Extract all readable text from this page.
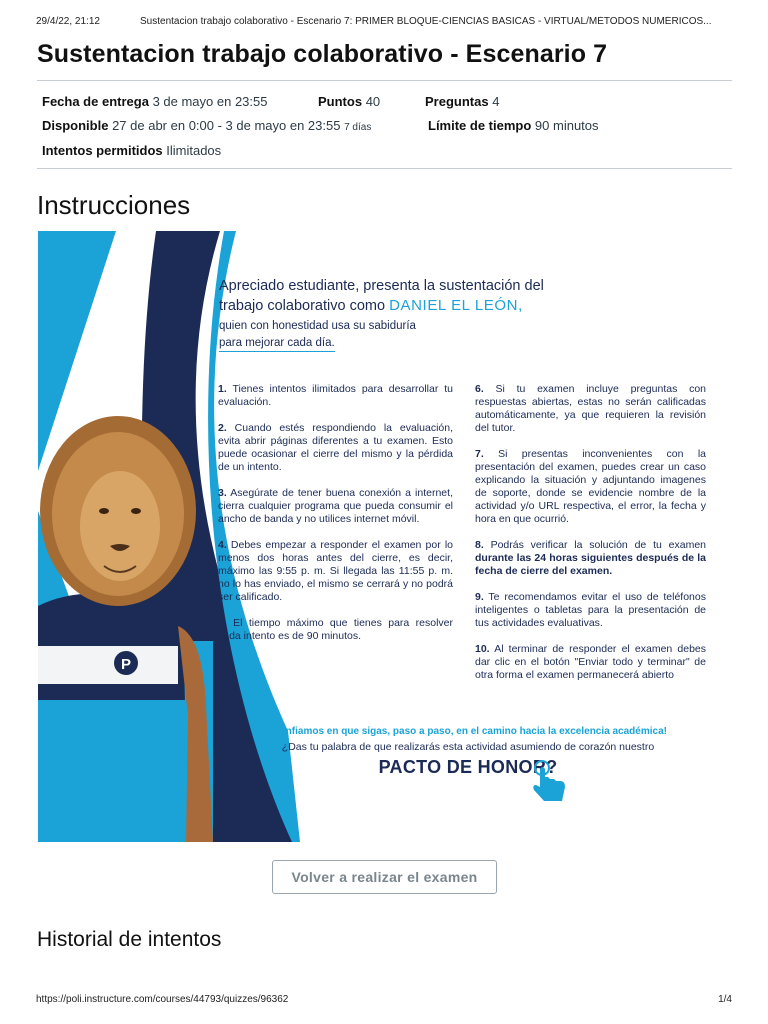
29/4/22, 21:12	Sustentacion trabajo colaborativo - Escenario 7: PRIMER BLOQUE-CIENCIAS BASICAS - VIRTUAL/MÉTODOS NUMÉRICOS...
Sustentacion trabajo colaborativo - Escenario 7
Fecha de entrega 3 de mayo en 23:55	Puntos 40	Preguntas 4
Disponible 27 de abr en 0:00 - 3 de mayo en 23:55 7 días	Límite de tiempo 90 minutos
Intentos permitidos Ilimitados
Instrucciones
Apreciado estudiante, presenta la sustentación del
trabajo colaborativo como DANIEL EL LEÓN,
quien con honestidad usa su sabiduría
para mejorar cada día.

1. Tienes intentos ilimitados para desarrollar tu evaluación.

2. Cuando estés respondiendo la evaluación, evita abrir páginas diferentes a tu examen. Esto puede ocasionar el cierre del mismo y la pérdida de un intento.

3. Asegúrate de tener buena conexión a internet, cierra cualquier programa que pueda consumir el ancho de banda y no utilices internet móvil.

4. Debes empezar a responder el examen por lo menos dos horas antes del cierre, es decir, máximo las 9:55 p. m. Si llegada las 11:55 p. m. no lo has enviado, el mismo se cerrará y no podrá ser calificado.

5. El tiempo máximo que tienes para resolver cada intento es de 90 minutos.

6. Si tu examen incluye preguntas con respuestas abiertas, estas no serán calificadas automáticamente, ya que requieren la revisión del tutor.

7. Si presentas inconvenientes con la presentación del examen, puedes crear un caso explicando la situación y adjuntando imagenes de soporte, donde se evidencie nombre de la actividad y/o URL respectiva, el error, la fecha y hora en que ocurrió.

8. Podrás verificar la solución de tu examen durante las 24 horas siguientes después de la fecha de cierre del examen.

9. Te recomendamos evitar el uso de teléfonos inteligentes o tabletas para la presentación de tus actividades evaluativas.

10. Al terminar de responder el examen debes dar clic en el botón "Enviar todo y terminar" de otra forma el examen permanecerá abierto

P
¡Confiamos en que sigas, paso a paso, en el camino hacia la excelencia académica!
¿Das tu palabra de que realizarás esta actividad asumiendo de corazón nuestro
PACTO DE HONOR?
Volver a realizar el examen
Historial de intentos
https://poli.instructure.com/courses/44793/quizzes/96362	1/4
